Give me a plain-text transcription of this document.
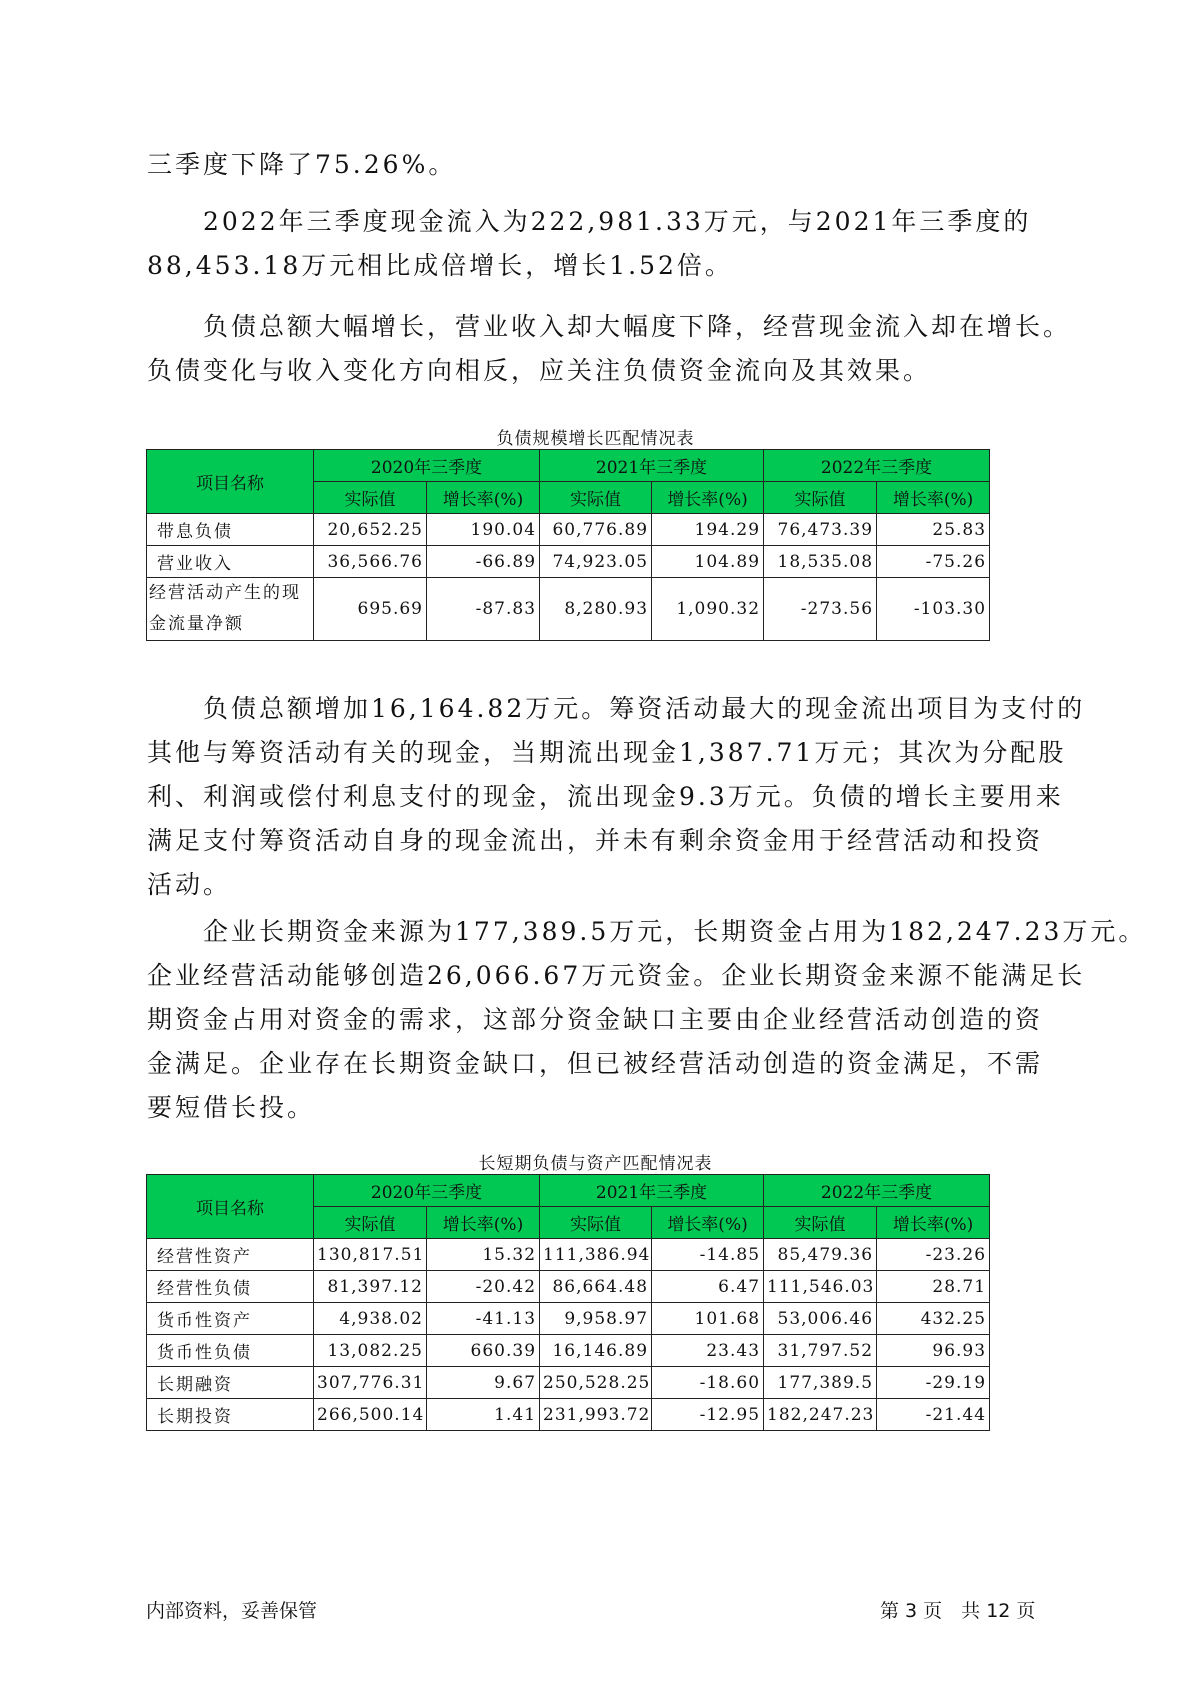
三季度下降了75.26%。

　　2022年三季度现金流入为222,981.33万元，与2021年三季度的
88,453.18万元相比成倍增长，增长1.52倍。

　　负债总额大幅增长，营业收入却大幅度下降，经营现金流入却在增长。
负债变化与收入变化方向相反，应关注负债资金流向及其效果。

负债规模增长匹配情况表
项目名称	2020年三季度		2021年三季度		2022年三季度	
	实际值	增长率(%)	实际值	增长率(%)	实际值	增长率(%)
带息负债	20,652.25	190.04	60,776.89	194.29	76,473.39	25.83
营业收入	36,566.76	-66.89	74,923.05	104.89	18,535.08	-75.26
经营活动产生的现金流量净额	695.69	-87.83	8,280.93	1,090.32	-273.56	-103.30

　　负债总额增加16,164.82万元。筹资活动最大的现金流出项目为支付的
其他与筹资活动有关的现金，当期流出现金1,387.71万元；其次为分配股
利、利润或偿付利息支付的现金，流出现金9.3万元。负债的增长主要用来
满足支付筹资活动自身的现金流出，并未有剩余资金用于经营活动和投资
活动。

　　企业长期资金来源为177,389.5万元，长期资金占用为182,247.23万元。
企业经营活动能够创造26,066.67万元资金。企业长期资金来源不能满足长
期资金占用对资金的需求，这部分资金缺口主要由企业经营活动创造的资
金满足。企业存在长期资金缺口，但已被经营活动创造的资金满足，不需
要短借长投。

长短期负债与资产匹配情况表
项目名称	2020年三季度		2021年三季度		2022年三季度	
	实际值	增长率(%)	实际值	增长率(%)	实际值	增长率(%)
经营性资产	130,817.51	15.32	111,386.94	-14.85	85,479.36	-23.26
经营性负债	81,397.12	-20.42	86,664.48	6.47	111,546.03	28.71
货币性资产	4,938.02	-41.13	9,958.97	101.68	53,006.46	432.25
货币性负债	13,082.25	660.39	16,146.89	23.43	31,797.52	96.93
长期融资	307,776.31	9.67	250,528.25	-18.60	177,389.5	-29.19
长期投资	266,500.14	1.41	231,993.72	-12.95	182,247.23	-21.44
内部资料，妥善保管	第 3 页　共 12 页
